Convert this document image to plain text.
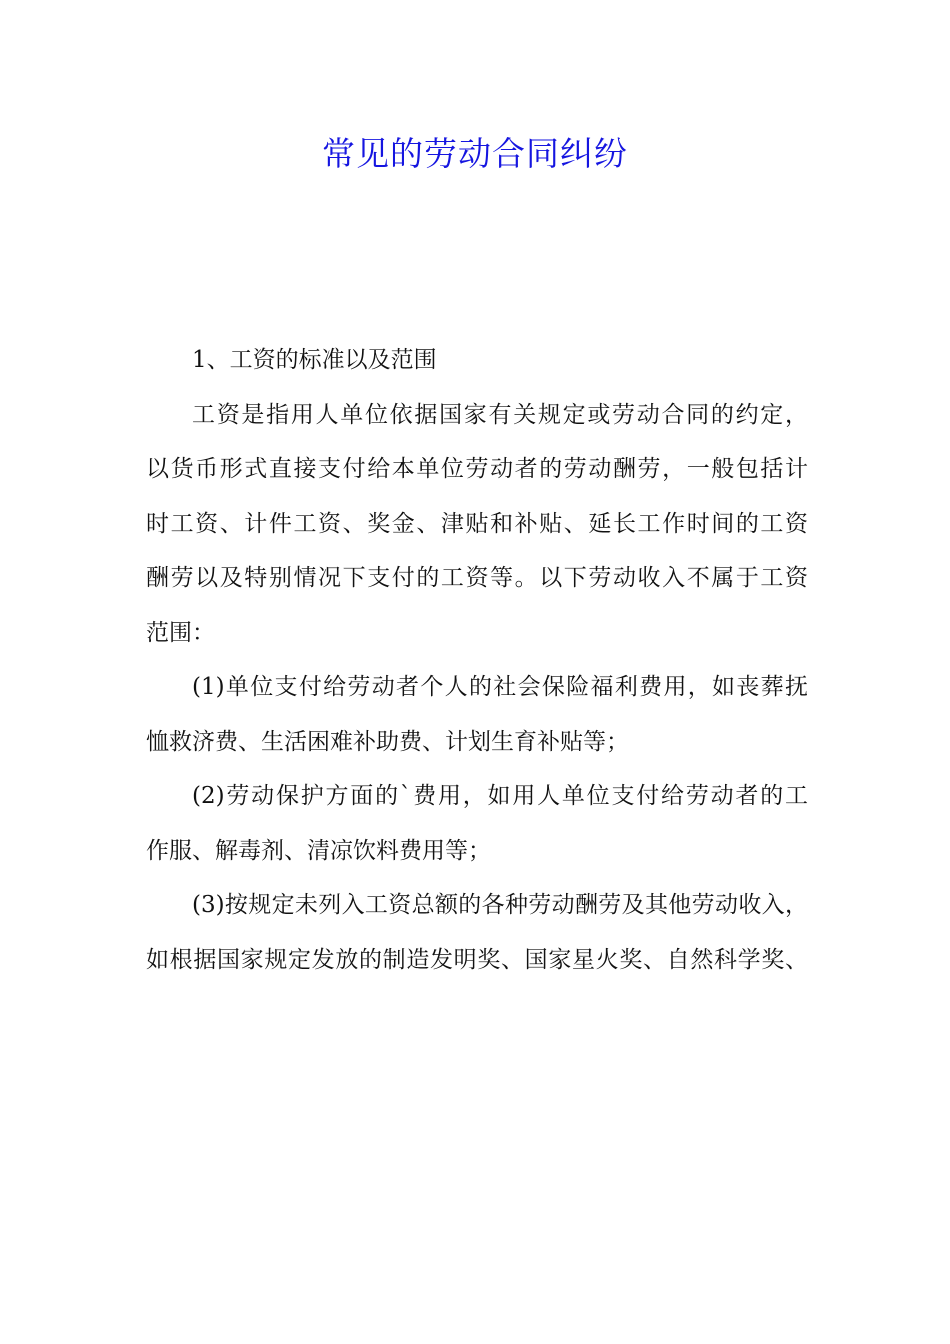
常见的劳动合同纠纷
1、工资的标准以及范围
工资是指用人单位依据国家有关规定或劳动合同的约定，
以货币形式直接支付给本单位劳动者的劳动酬劳，一般包括计
时工资、计件工资、奖金、津贴和补贴、延长工作时间的工资
酬劳以及特别情况下支付的工资等。以下劳动收入不属于工资
范围：
(1)单位支付给劳动者个人的社会保险福利费用，如丧葬抚
恤救济费、生活困难补助费、计划生育补贴等；
(2)劳动保护方面的`费用，如用人单位支付给劳动者的工
作服、解毒剂、清凉饮料费用等；
(3)按规定未列入工资总额的各种劳动酬劳及其他劳动收入，
如根据国家规定发放的制造发明奖、国家星火奖、自然科学奖、
